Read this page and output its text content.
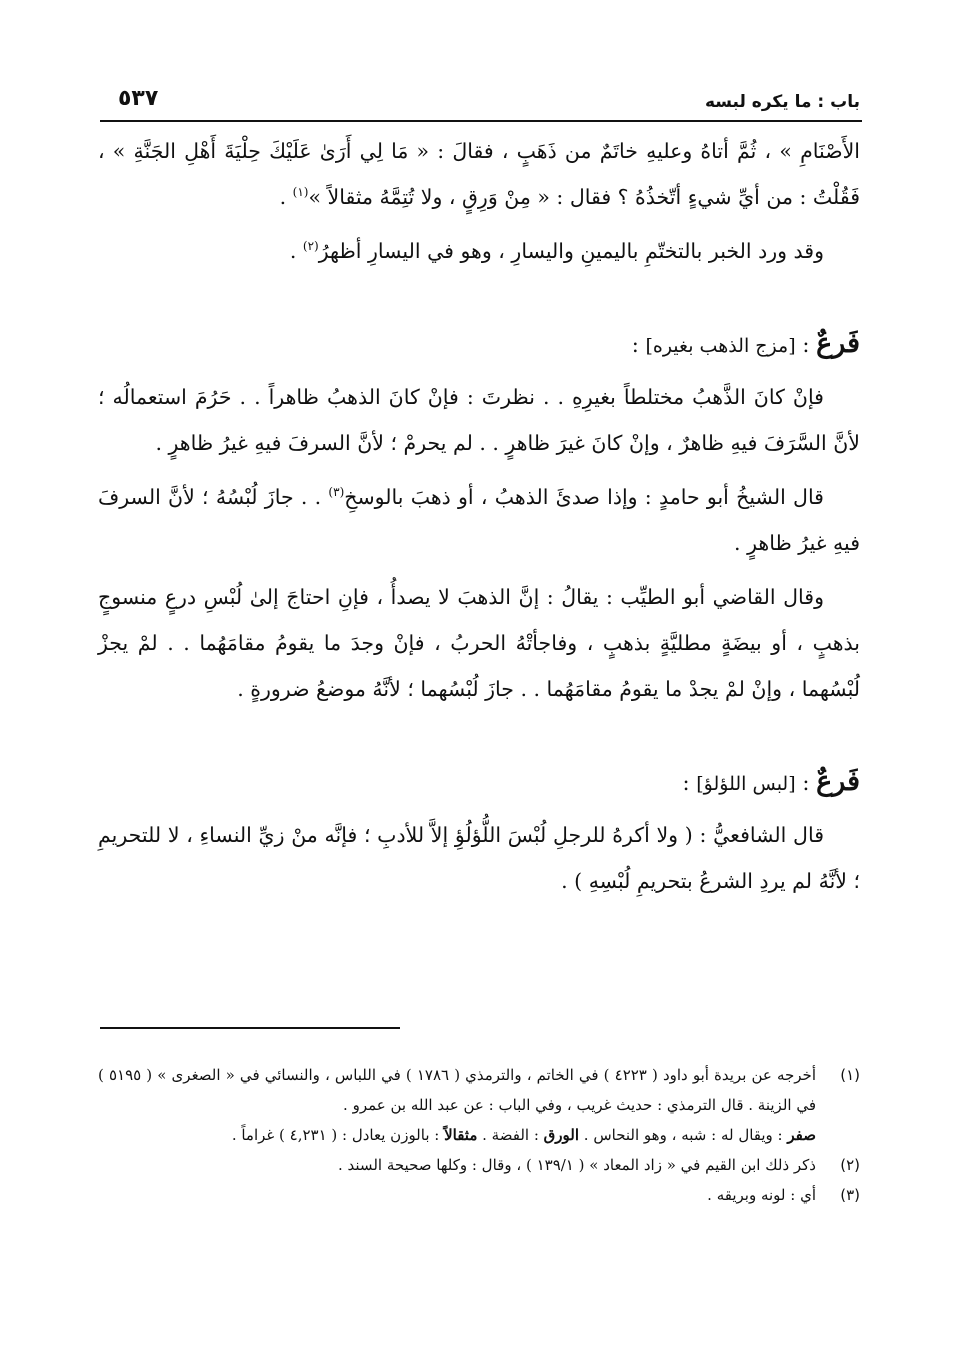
باب : ما يكره لبسه
٥٣٧

الأَصْنَامِ » ، ثُمَّ أتاهُ وعليهِ خاتَمٌ من ذَهَبٍ ، فقالَ : « مَا لِي أَرَىٰ عَلَيْكَ حِلْيَةَ أَهْلِ الجَنَّةِ » ، فَقُلْتُ : من أيِّ شيءٍ أتّخذُهُ ؟ فقال : « مِنْ وَرِقٍ ، ولا تُتِمَّهُ مثقالاً »$^{(١)}$ .

وقد ورد الخبر بالتختّمِ باليمينِ واليسارِ ، وهو في اليسارِ أظهرُ$^{(٢)}$ .

فَرعٌ : [مزج الذهب بغيره] :

فإنْ كانَ الذَّهبُ مختلطاً بغيرِهِ . . نظرتَ : فإنْ كانَ الذهبُ ظاهراً . . حَرُمَ استعمالُه ؛ لأنَّ السَّرَفَ فيهِ ظاهرٌ ، وإنْ كانَ غيرَ ظاهرٍ . . لم يحرمْ ؛ لأنَّ السرفَ فيهِ غيرُ ظاهرٍ .

قال الشيخُ أبو حامدٍ : وإذا صدئَ الذهبُ ، أو ذهبَ بالوسخِ$^{(٣)}$ . . جازَ لُبْسُهُ ؛ لأنَّ السرفَ فيهِ غيرُ ظاهرٍ .

وقال القاضي أبو الطيِّب : يقالُ : إنَّ الذهبَ لا يصدأُ ، فإنِ احتاجَ إلىٰ لُبْسِ درعٍ منسوجٍ بذهبٍ ، أو بيضَةٍ مطليَّةٍ بذهبٍ ، وفاجأتْهُ الحربُ ، فإنْ وجدَ ما يقومُ مقامَهُما . . لمْ يجزْ لُبْسُهما ، وإنْ لمْ يجدْ ما يقومُ مقامَهُما . . جازَ لُبْسُهما ؛ لأنَّهُ موضعُ ضرورةٍ .

فَرعٌ : [لبس اللؤلؤ] :

قال الشافعيُّ : ( ولا أكرهُ للرجلِ لُبْسَ اللُّؤلُؤِ إلاَّ للأدبِ ؛ فإنَّه منْ زيِّ النساءِ ، لا للتحريمِ ؛ لأنَّهُ لم يردِ الشرعُ بتحريمِ لُبْسِهِ ) .

(١)
أخرجه عن بريدة أبو داود ( ٤٢٢٣ ) في الخاتم ، والترمذي ( ١٧٨٦ ) في اللباس ، والنسائي في « الصغرى » ( ٥١٩٥ ) في الزينة . قال الترمذي : حديث غريب ، وفي الباب : عن عبد الله بن عمرو .
صفر : ويقال له : شبه ، وهو النحاس . الورق : الفضة . مثقالاً : بالوزن يعادل : ( ٤,٢٣١ ) غراماً .
(٢)
ذكر ذلك ابن القيم في « زاد المعاد » ( ١٣٩/١ ) ، وقال : وكلها صحيحة السند .
(٣)
أي : لونه وبريقه .
